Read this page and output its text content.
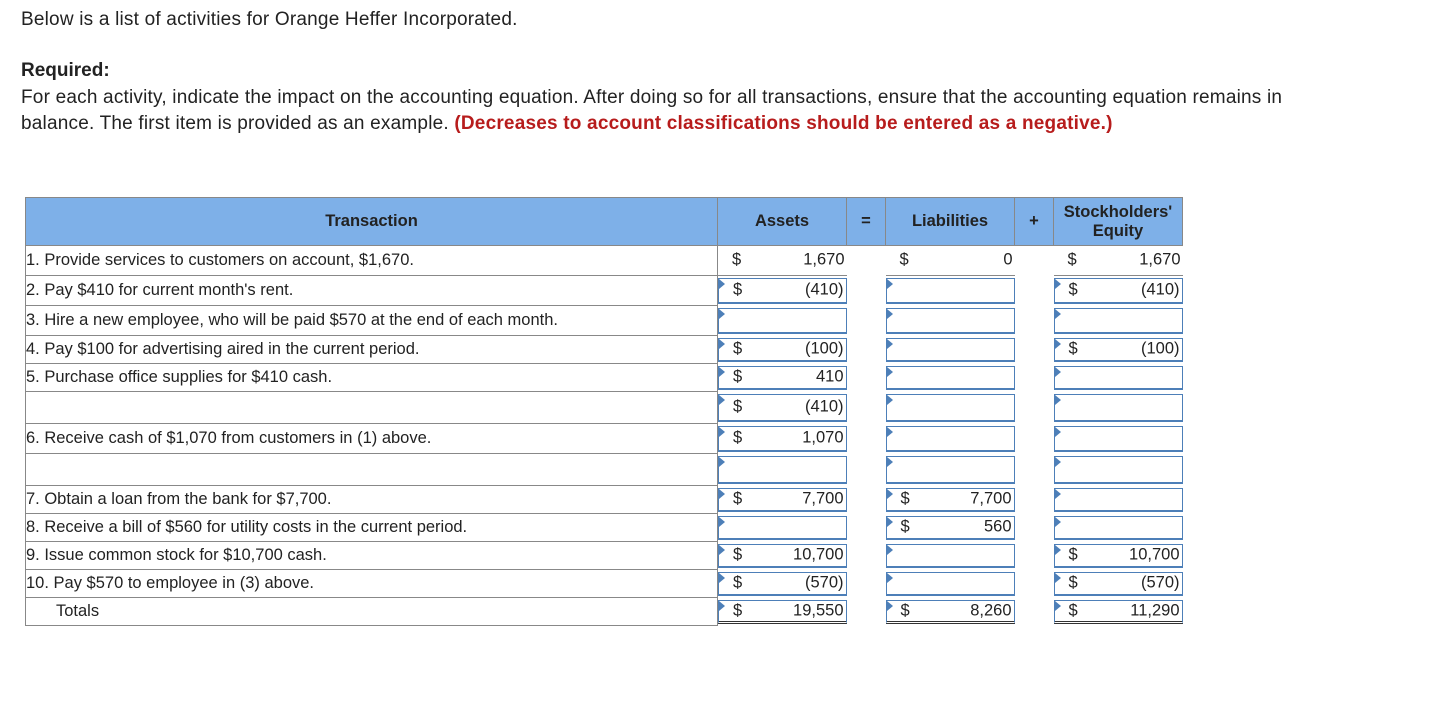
Below is a list of activities for Orange Heffer Incorporated.
Required:
For each activity, indicate the impact on the accounting equation. After doing so for all transactions, ensure that the accounting equation remains in balance. The first item is provided as an example. (Decreases to account classifications should be entered as a negative.)
Transaction	Assets	=	Liabilities	+	Stockholders' Equity
1. Provide services to customers on account, $1,670.	$ 1,670		$ 0		$ 1,670

2. Pay $410 for current month's rent.	$ (410)				$ (410)

3. Hire a new employee, who will be paid $570 at the end of each month.	

4. Pay $100 for advertising aired in the current period.	$ (100)				$ (100)

5. Purchase office supplies for $410 cash.	$ 410				

	$ (410)				

6. Receive cash of $1,070 from customers in (1) above.	$ 1,070				

7. Obtain a loan from the bank for $7,700.	$ 7,700		$ 7,700		

8. Receive a bill of $560 for utility costs in the current period.			$ 560		

9. Issue common stock for $10,700 cash.	$ 10,700				$ 10,700

10. Pay $570 to employee in (3) above.	$ (570)				$ (570)

Totals	$ 19,550		$ 8,260		$ 11,290
